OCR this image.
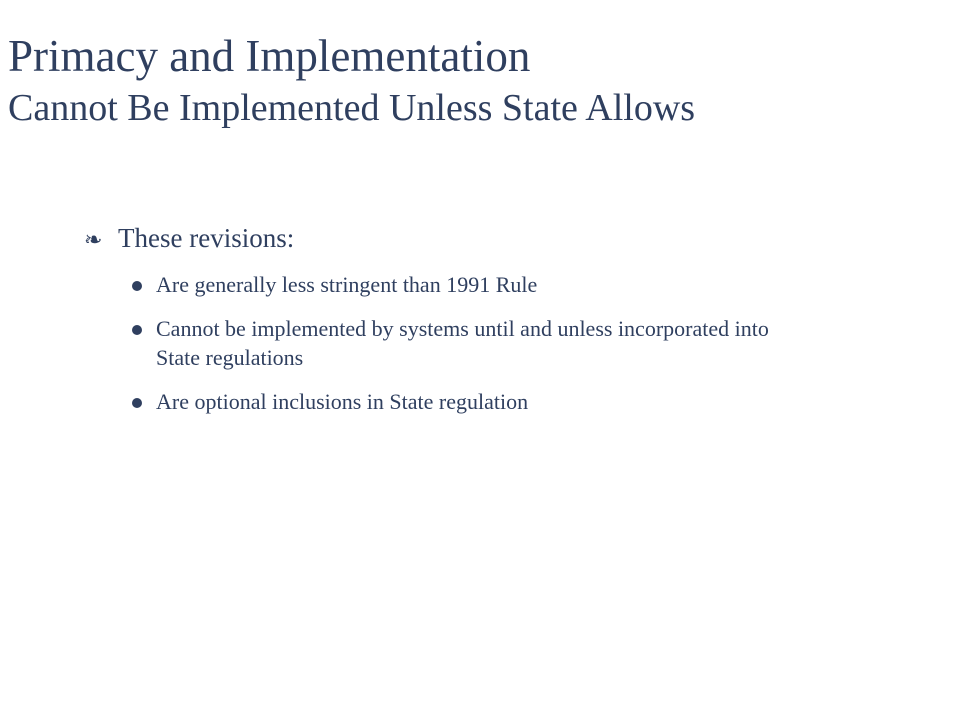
Primacy and Implementation
Cannot Be Implemented Unless State Allows
❧ These revisions:
Are generally less stringent than 1991 Rule
Cannot be implemented by systems until and unless incorporated into State regulations
Are optional inclusions in State regulation
